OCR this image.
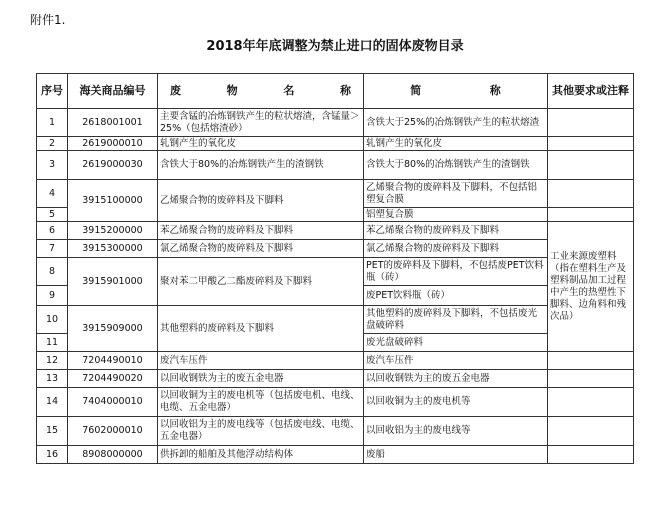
附件1.
2018年年底调整为禁止进口的固体废物目录
序号	海关商品编号	废 物 名 称	简 称	其他要求或注释
1	2618001001	主要含锰的冶炼钢铁产生的粒状熔渣，含锰量＞25%（包括熔渣砂）	含铁大于25%的冶炼钢铁产生的粒状熔渣	
2	2619000010	轧钢产生的氧化皮	轧钢产生的氧化皮	
3	2619000030	含铁大于80%的冶炼钢铁产生的渣钢铁	含铁大于80%的冶炼钢铁产生的渣钢铁	
4	3915100000	乙烯聚合物的废碎料及下脚料	乙烯聚合物的废碎料及下脚料，不包括铝塑复合膜	
5			铝塑复合膜	
6	3915200000	苯乙烯聚合物的废碎料及下脚料	苯乙烯聚合物的废碎料及下脚料	工业来源废塑料（指在塑料生产及塑料制品加工过程中产生的热塑性下脚料、边角料和残次品）
7	3915300000	氯乙烯聚合物的废碎料及下脚料	氯乙烯聚合物的废碎料及下脚料	
8	3915901000	聚对苯二甲酸乙二酯废碎料及下脚料	PET的废碎料及下脚料，不包括废PET饮料瓶（砖）	
9			废PET饮料瓶（砖）	
10	3915909000	其他塑料的废碎料及下脚料	其他塑料的废碎料及下脚料，不包括废光盘破碎料	
11			废光盘破碎料	
12	7204490010	废汽车压件	废汽车压件	
13	7204490020	以回收钢铁为主的废五金电器	以回收钢铁为主的废五金电器	
14	7404000010	以回收铜为主的废电机等（包括废电机、电线、电缆、五金电器）	以回收铜为主的废电机等	
15	7602000010	以回收铝为主的废电线等（包括废电线、电缆、五金电器）	以回收铝为主的废电线等	
16	8908000000	供拆卸的船舶及其他浮动结构体	废船	
